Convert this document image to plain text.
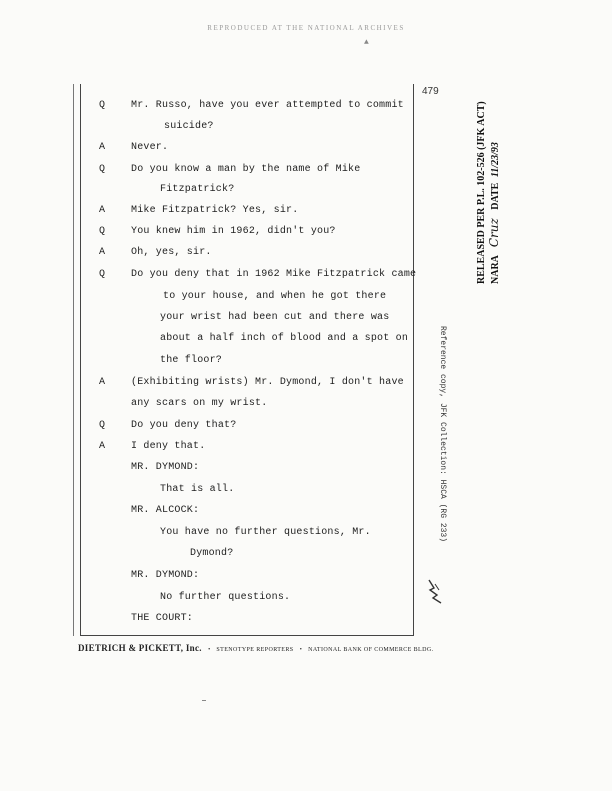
REPRODUCED AT THE NATIONAL ARCHIVES
▲
479
Q	Mr. Russo, have you ever attempted to commit
suicide?
A	Never.
Q	Do you know a man by the name of Mike
Fitzpatrick?
A	Mike Fitzpatrick? Yes, sir.
Q	You knew him in 1962, didn't you?
A	Oh, yes, sir.
Q	Do you deny that in 1962 Mike Fitzpatrick came
to your house, and when he got there
your wrist had been cut and there was
about a half inch of blood and a spot on
the floor?
A	(Exhibiting wrists) Mr. Dymond, I don't have
any scars on my wrist.
Q	Do you deny that?
A	I deny that.
MR. DYMOND:
That is all.
MR. ALCOCK:
You have no further questions, Mr.
Dymond?
MR. DYMOND:
No further questions.
THE COURT:
DIETRICH & PICKETT, Inc. • STENOTYPE REPORTERS • NATIONAL BANK OF COMMERCE BLDG.
RELEASED PER P.L. 102-526 (JFK ACT) NARA Cruz DATE 11/23/93
Reference copy, JFK Collection: HSCA (RG 233)
